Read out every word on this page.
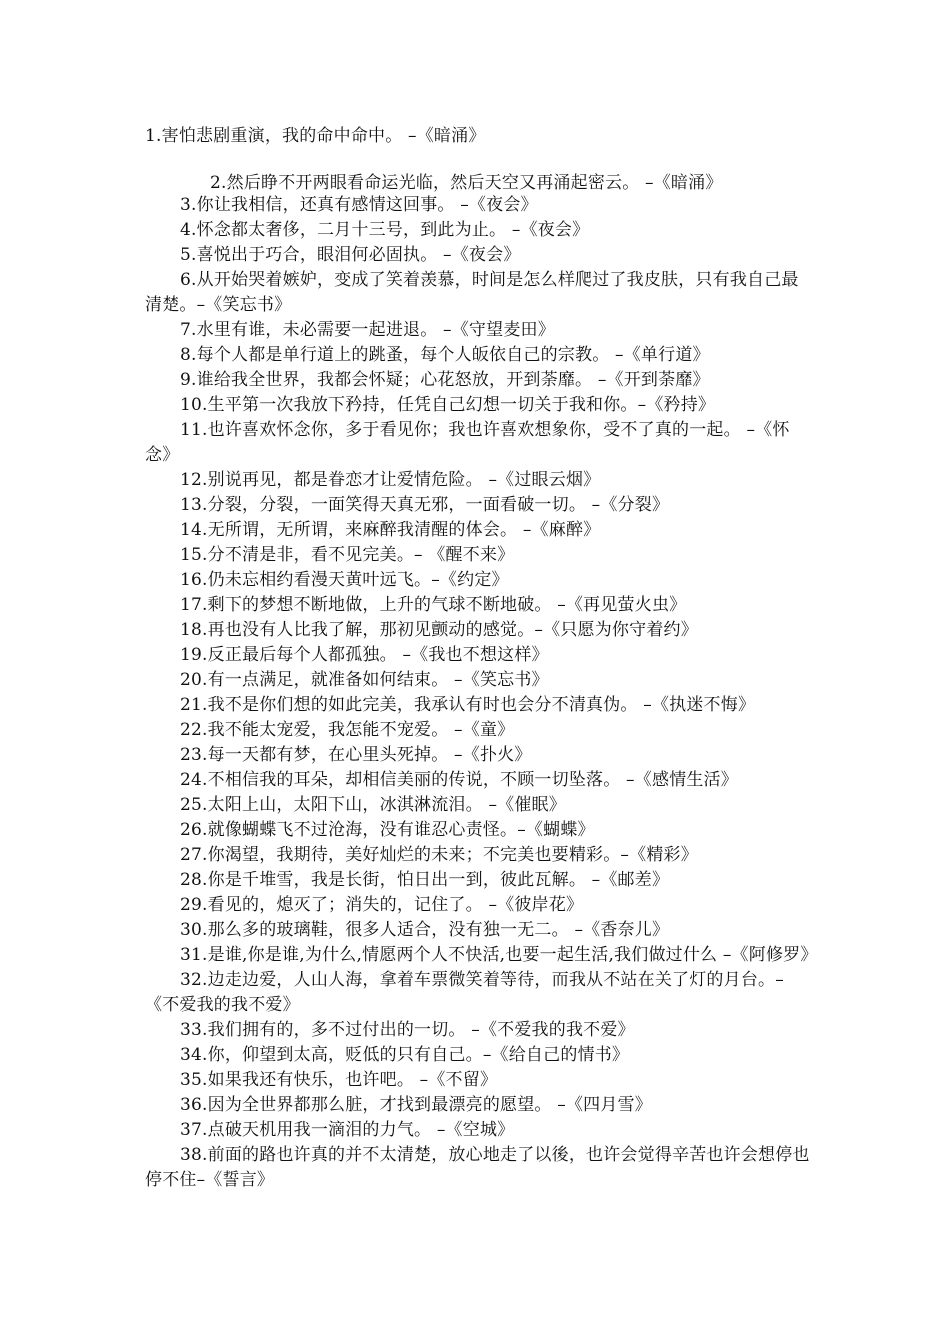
1.害怕悲剧重演，我的命中命中。 –《暗涌》
2.然后睁不开两眼看命运光临，然后天空又再涌起密云。 –《暗涌》

3.你让我相信，还真有感情这回事。 –《夜会》

4.怀念都太奢侈，二月十三号，到此为止。 –《夜会》

5.喜悦出于巧合，眼泪何必固执。 –《夜会》

6.从开始哭着嫉妒，变成了笑着羡慕，时间是怎么样爬过了我皮肤，只有我自己最清楚。–《笑忘书》

7.水里有谁，未必需要一起进退。 –《守望麦田》

8.每个人都是单行道上的跳蚤，每个人皈依自己的宗教。 –《单行道》

9.谁给我全世界，我都会怀疑；心花怒放，开到荼靡。 –《开到荼靡》

10.生平第一次我放下矜持，任凭自己幻想一切关于我和你。–《矜持》

11.也许喜欢怀念你，多于看见你；我也许喜欢想象你，受不了真的一起。 –《怀念》

12.别说再见，都是眷恋才让爱情危险。 –《过眼云烟》

13.分裂，分裂，一面笑得天真无邪，一面看破一切。 –《分裂》

14.无所谓，无所谓，来麻醉我清醒的体会。 –《麻醉》

15.分不清是非，看不见完美。– 《醒不来》

16.仍未忘相约看漫天黄叶远飞。–《约定》

17.剩下的梦想不断地做，上升的气球不断地破。 –《再见萤火虫》

18.再也没有人比我了解，那初见颤动的感觉。–《只愿为你守着约》

19.反正最后每个人都孤独。 –《我也不想这样》

20.有一点满足，就准备如何结束。 –《笑忘书》

21.我不是你们想的如此完美，我承认有时也会分不清真伪。 –《执迷不悔》

22.我不能太宠爱，我怎能不宠爱。 –《童》

23.每一天都有梦，在心里头死掉。 –《扑火》

24.不相信我的耳朵，却相信美丽的传说，不顾一切坠落。 –《感情生活》

25.太阳上山，太阳下山，冰淇淋流泪。 –《催眠》

26.就像蝴蝶飞不过沧海，没有谁忍心责怪。–《蝴蝶》

27.你渴望，我期待，美好灿烂的未来；不完美也要精彩。–《精彩》

28.你是千堆雪，我是长街，怕日出一到，彼此瓦解。 –《邮差》

29.看见的，熄灭了；消失的，记住了。 –《彼岸花》

30.那么多的玻璃鞋，很多人适合，没有独一无二。 –《香奈儿》

31.是谁,你是谁,为什么,情愿两个人不快活,也要一起生活,我们做过什么 –《阿修罗》

32.边走边爱，人山人海，拿着车票微笑着等待，而我从不站在关了灯的月台。–《不爱我的我不爱》

33.我们拥有的，多不过付出的一切。 –《不爱我的我不爱》

34.你，仰望到太高，贬低的只有自己。–《给自己的情书》

35.如果我还有快乐，也许吧。 –《不留》

36.因为全世界都那么脏，才找到最漂亮的愿望。 –《四月雪》

37.点破天机用我一滴泪的力气。 –《空城》

38.前面的路也许真的并不太清楚，放心地走了以後，也许会觉得辛苦也许会想停也停不住–《誓言》
